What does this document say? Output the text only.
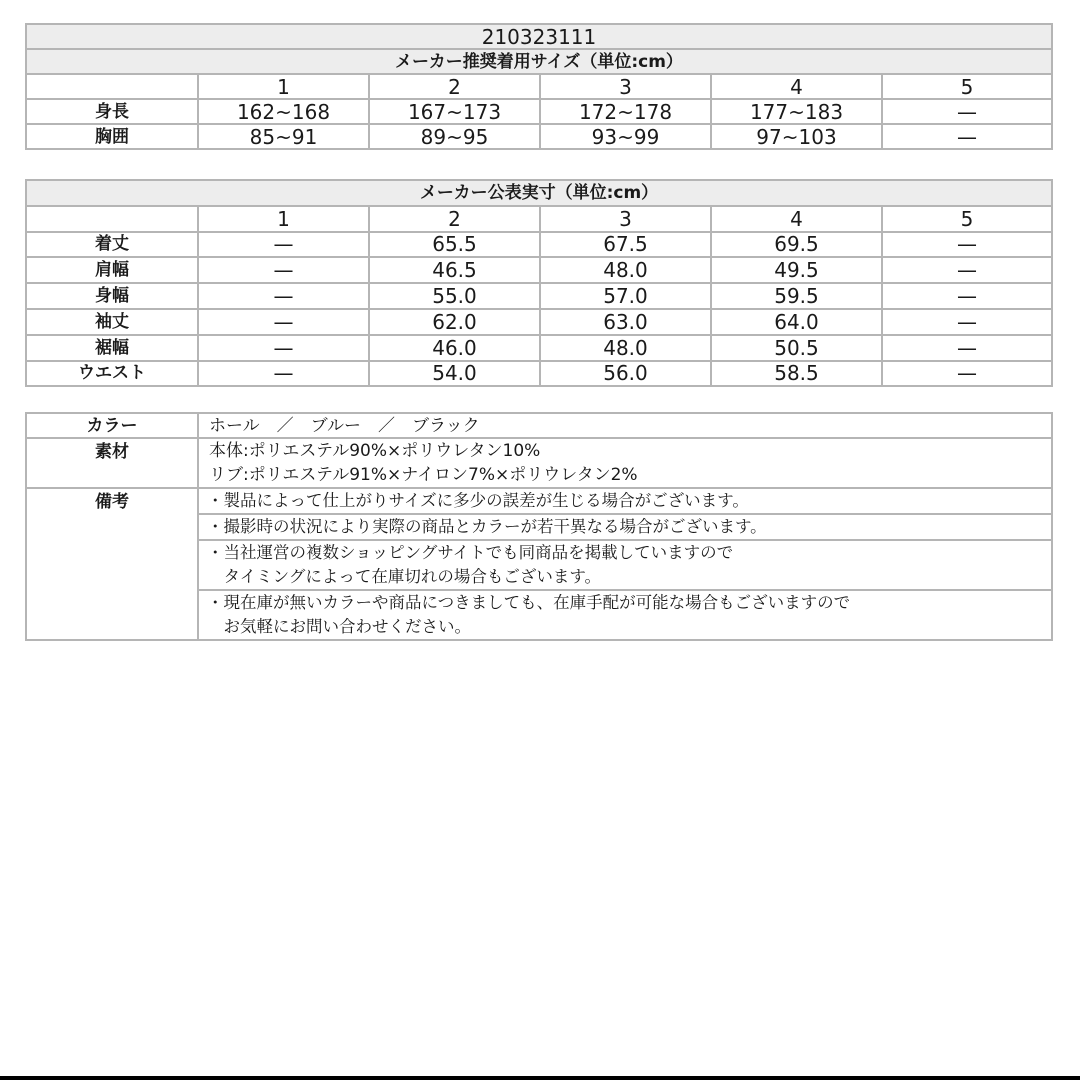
210323111					
メーカー推奨着用サイズ（単位:cm）					
	1	2	3	4	5
身長	162~168	167~173	172~178	177~183	—
胸囲	85~91	89~95	93~99	97~103	—
メーカー公表実寸（単位:cm）					
	1	2	3	4	5
着丈	—	65.5	67.5	69.5	—
肩幅	—	46.5	48.0	49.5	—
身幅	—	55.0	57.0	59.5	—
袖丈	—	62.0	63.0	64.0	—
裾幅	—	46.0	48.0	50.5	—
ウエスト	—	54.0	56.0	58.5	—
カラー	ホール　／　ブルー　／　ブラック
素材	本体:ポリエステル90%×ポリウレタン10%
リブ:ポリエステル91%×ナイロン7%×ポリウレタン2%

備考	・製品によって仕上がりサイズに多少の誤差が生じる場合がございます。

	・撮影時の状況により実際の商品とカラーが若干異なる場合がございます。

	・当社運営の複数ショッピングサイトでも同商品を掲載していますので
　タイミングによって在庫切れの場合もございます。

	・現在庫が無いカラーや商品につきましても、在庫手配が可能な場合もございますので
　お気軽にお問い合わせください。
